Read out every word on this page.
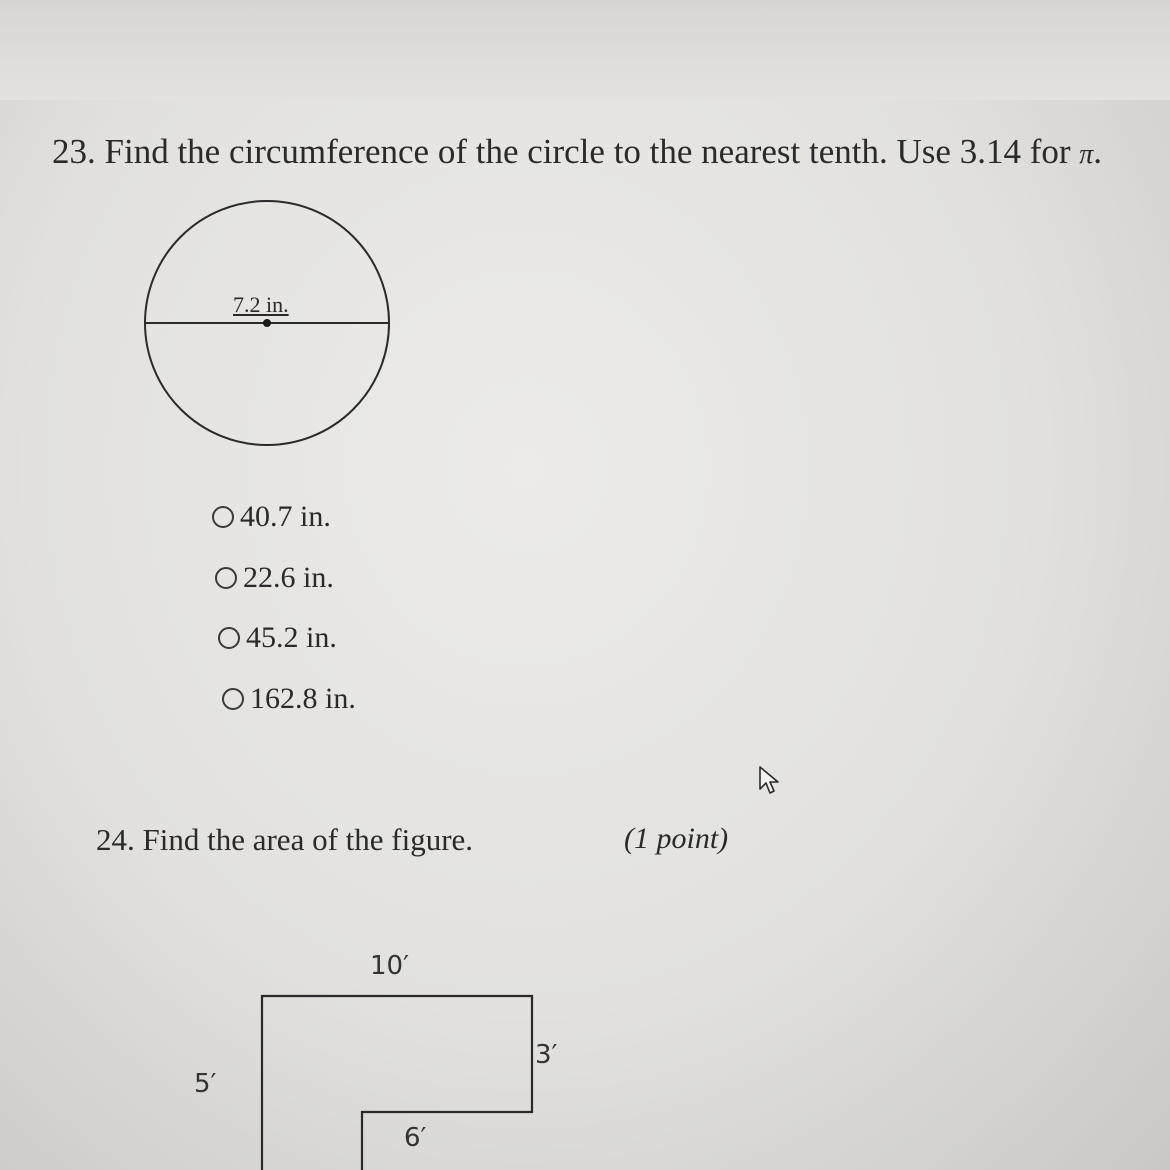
23. Find the circumference of the circle to the nearest tenth. Use 3.14 for π.
7.2 in.
40.7 in.
22.6 in.
45.2 in.
162.8 in.
24. Find the area of the figure.	(1 point)
10′
5′
3′
6′
